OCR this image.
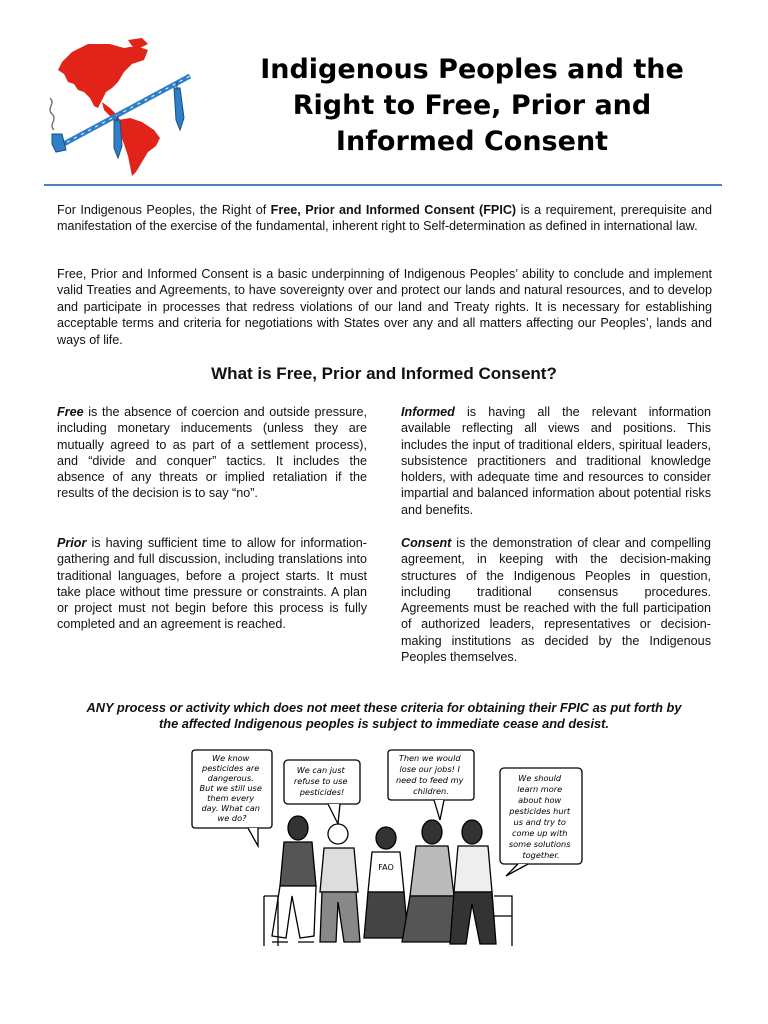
Indigenous Peoples and the
Right to Free, Prior and
Informed Consent

For Indigenous Peoples, the Right of Free, Prior and Informed Consent (FPIC) is a requirement, prerequisite and manifestation of the exercise of the fundamental, inherent right to Self-determination as defined in international law.

Free, Prior and Informed Consent is a basic underpinning of Indigenous Peoples’ ability to conclude and implement valid Treaties and Agreements, to have sovereignty over and protect our lands and natural resources, and to develop and participate in processes that redress violations of our land and Treaty rights. It is necessary for establishing acceptable terms and criteria for negotiations with States over any and all matters affecting our Peoples’, lands and ways of life.

What is Free, Prior and Informed Consent?

Free is the absence of coercion and outside pressure, including monetary inducements (unless they are mutually agreed to as part of a settlement process), and “divide and conquer” tactics. It includes the absence of any threats or implied retaliation if the results of the decision is to say “no”.

Prior is having sufficient time to allow for information-gathering and full discussion, including translations into traditional languages, before a project starts. It must take place without time pressure or constraints. A plan or project must not begin before this process is fully completed and an agreement is reached.

Informed is having all the relevant information available reflecting all views and positions. This includes the input of traditional elders, spiritual leaders, subsistence practitioners and traditional knowledge holders, with adequate time and resources to consider impartial and balanced information about potential risks and benefits.

Consent is the demonstration of clear and compelling agreement, in keeping with the decision-making structures of the Indigenous Peoples in question, including traditional consensus procedures. Agreements must be reached with the full participation of authorized leaders, representatives or decision-making institutions as decided by the Indigenous Peoples themselves.

ANY process or activity which does not meet these criteria for obtaining their FPIC as put forth by
the affected Indigenous peoples is subject to immediate cease and desist.

We know pesticides are dangerous. But we still use them every day. What can we do?
We can just refuse to use pesticides!
Then we would lose our jobs! I need to feed my children.
We should learn more about how pesticides hurt us and try to come up with some solutions together.
FAO
